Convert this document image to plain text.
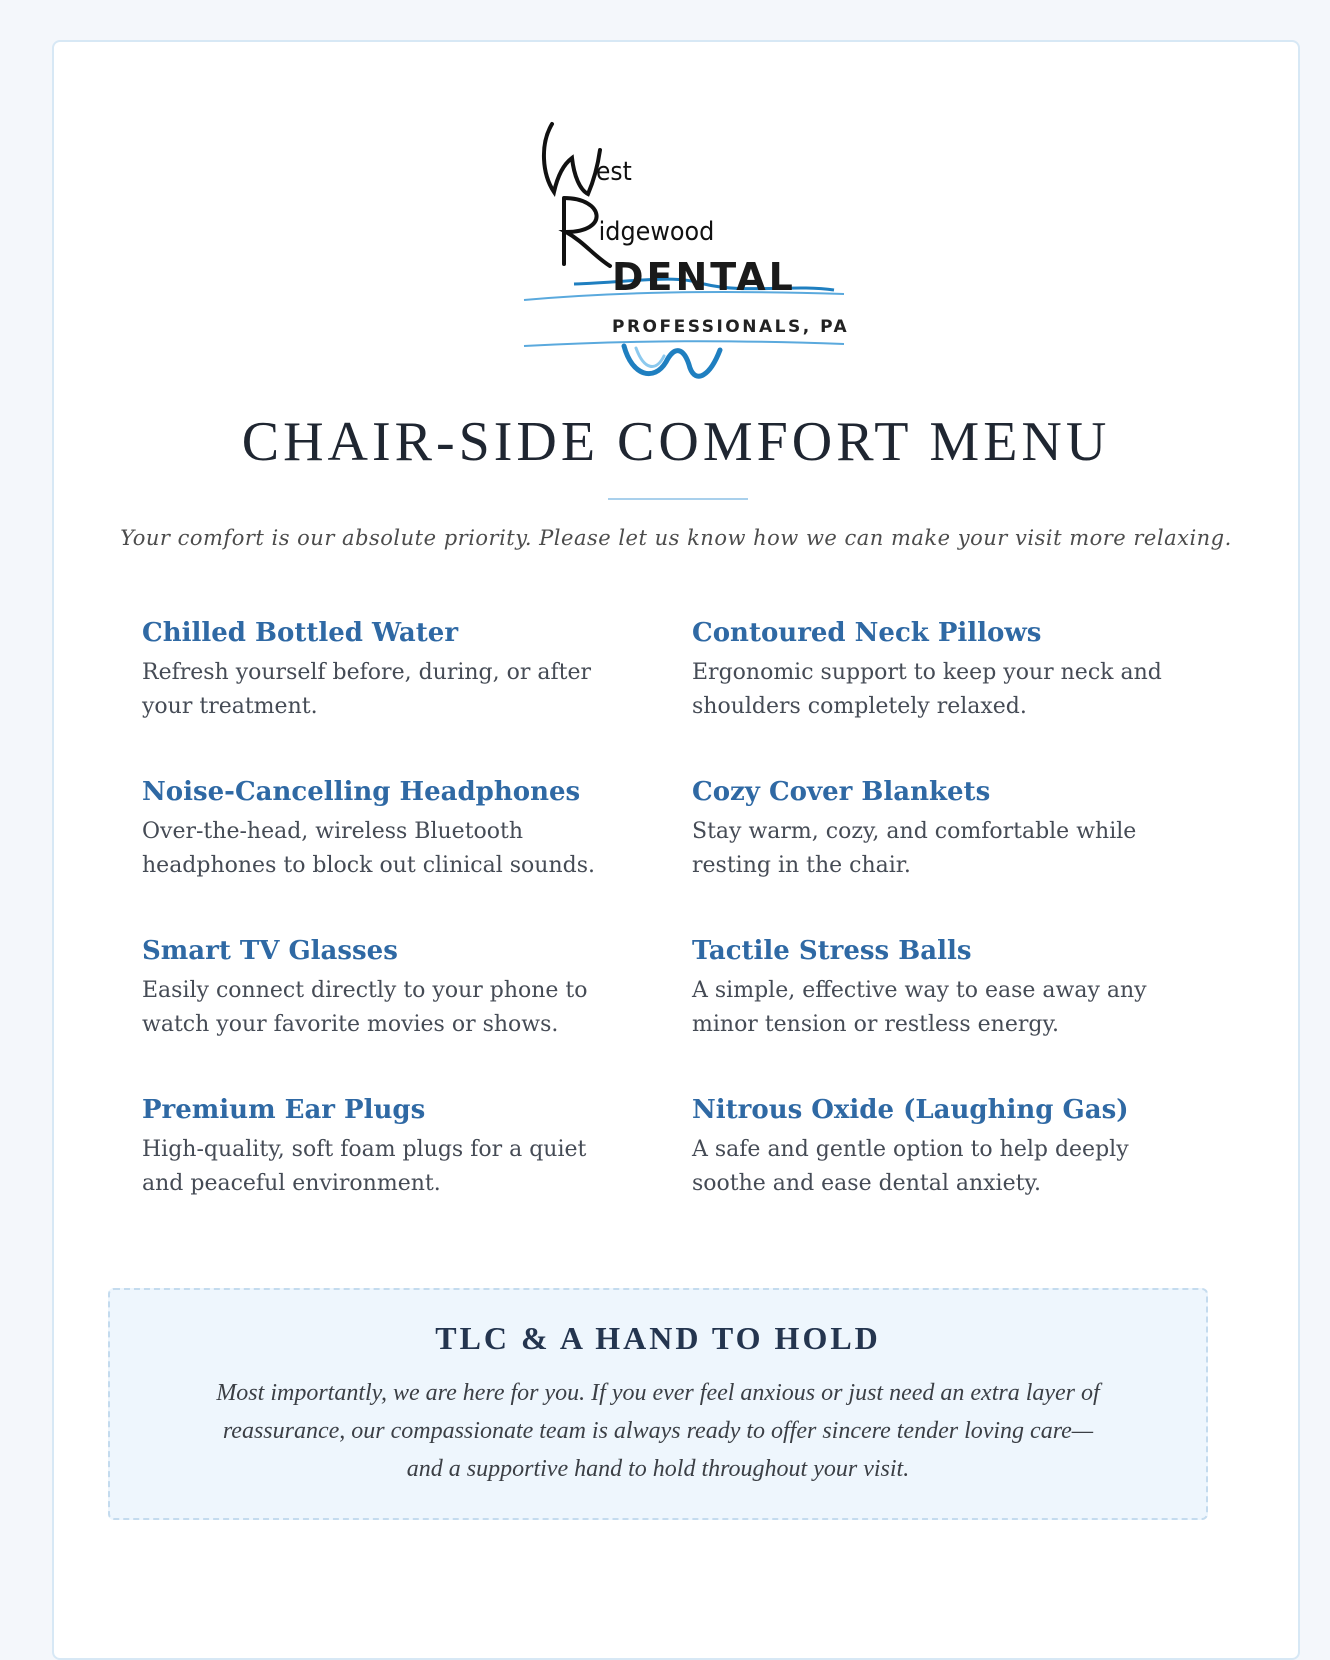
est
idgewood
DENTAL
PROFESSIONALS, PA
CHAIR-SIDE COMFORT MENU
Your comfort is our absolute priority. Please let us know how we can make your visit more relaxing.
Chilled Bottled Water

Refresh yourself before, during, or after your treatment.

Contoured Neck Pillows

Ergonomic support to keep your neck and shoulders completely relaxed.

Noise-Cancelling Headphones

Over-the-head, wireless Bluetooth headphones to block out clinical sounds.

Cozy Cover Blankets

Stay warm, cozy, and comfortable while resting in the chair.

Smart TV Glasses

Easily connect directly to your phone to watch your favorite movies or shows.

Tactile Stress Balls

A simple, effective way to ease away any minor tension or restless energy.

Premium Ear Plugs

High-quality, soft foam plugs for a quiet and peaceful environment.

Nitrous Oxide (Laughing Gas)

A safe and gentle option to help deeply soothe and ease dental anxiety.

TLC & A HAND TO HOLD
Most importantly, we are here for you. If you ever feel anxious or just need an extra layer of reassurance, our compassionate team is always ready to offer sincere tender loving care—and a supportive hand to hold throughout your visit.
